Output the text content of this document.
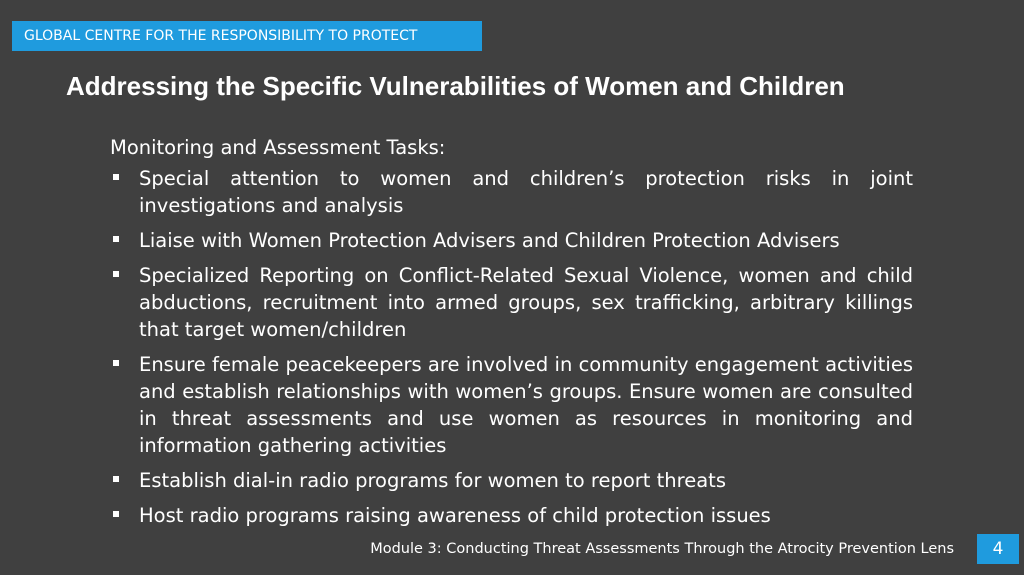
GLOBAL CENTRE FOR THE RESPONSIBILITY TO PROTECT
Addressing the Specific Vulnerabilities of Women and Children

Monitoring and Assessment Tasks:

Special attention to women and children’s protection risks in joint investigations and analysis
Liaise with Women Protection Advisers and Children Protection Advisers
Specialized Reporting on Conflict-Related Sexual Violence, women and child abductions, recruitment into armed groups, sex trafficking, arbitrary killings that target women/children
Ensure female peacekeepers are involved in community engagement activities and establish relationships with women’s groups. Ensure women are consulted in threat assessments and use women as resources in monitoring and information gathering activities
Establish dial-in radio programs for women to report threats
Host radio programs raising awareness of child protection issues
Module 3: Conducting Threat Assessments Through the Atrocity Prevention Lens	4
